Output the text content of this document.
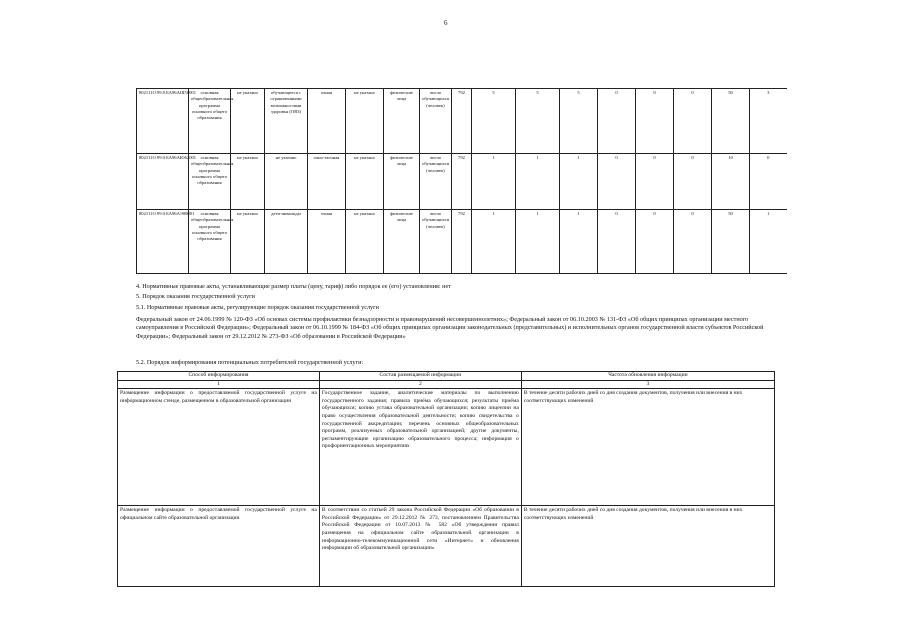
6
802111О.99.0.БА96АШ58001	основная общеобразовательная программа основного общего образования	не указано	обучающиеся с ограниченными возможностями здоровья (ОВЗ)	очная	не указано	физические лица	число обучающихся (человек)	792	5	5	5	0	0	0	50	3
802111О.99.0.БА96АЮ62001	основная общеобразовательная программа основного общего образования	не указано	не указано	очно-заочная	не указано	физические лица	число обучающихся (человек)	792	1	1	1	0	0	0	10	0
802111О.99.0.БА96АЭ08001	основная общеобразовательная программа основного общего образования	не указано	дети-инвалиды	очная	не указано	физические лица	число обучающихся (человек)	792	1	1	1	0	0	0	50	1
4. Нормативные правовые акты, устанавливающие размер платы (цену, тариф) либо порядок ее (его) установления: нет
5. Порядок оказания государственной услуги
5.1. Нормативные правовые акты, регулирующие порядок оказания государственной услуги
Федеральный закон от 24.06.1999 № 120-ФЗ «Об основах системы профилактики безнадзорности и правонарушений несовершеннолетних»; Федеральный закон от 06.10.2003 № 131-ФЗ «Об общих принципах организации местного самоуправления в Российской Федерации»; Федеральный закон от 06.10.1999 № 184-ФЗ «Об общих принципах организации законодательных (представительных) и исполнительных органов государственной власти субъектов Российской Федерации»; Федеральный закон от 29.12.2012 № 273-ФЗ «Об образовании в Российской Федерации»
5.2. Порядок информирования потенциальных потребителей государственной услуги:
Способ информирования	Состав размещаемой информации	Частота обновления информации
1	2	3
Размещение информации о предоставляемой государственной услуге на информационном стенде, размещенном в образовательной организации	Государственное задание, аналитические материалы по выполнению государственного задания; правила приёма обучающихся; результаты приёма обучающихся; копию устава образовательной организации; копию лицензии на право осуществления образовательной деятельности; копию свидетельства о государственной аккредитации; перечень основных общеобразовательных программ, реализуемых образовательной организацией; другие документы, регламентирующие организацию образовательного процесса; информация о профориентационных мероприятиях	В течение десяти рабочих дней со дня создания документов, получения или внесения в них соответствующих изменений
Размещение информации о предоставляемой государственной услуге на официальном сайте образовательной организации	В соответствии со статьей 29 закона Российской Федерации «Об образовании в Российской Федерации» от 29.12.2012 № 273, постановлением Правительства Российской Федерации от 10.07.2013 № 582 «Об утверждении правил размещения на официальном сайте образовательной организации в информационно-телекоммуникационной сети «Интернет» и обновления информации об образовательной организации»	В течение десяти рабочих дней со дня создания документов, получения или внесения в них соответствующих изменений
